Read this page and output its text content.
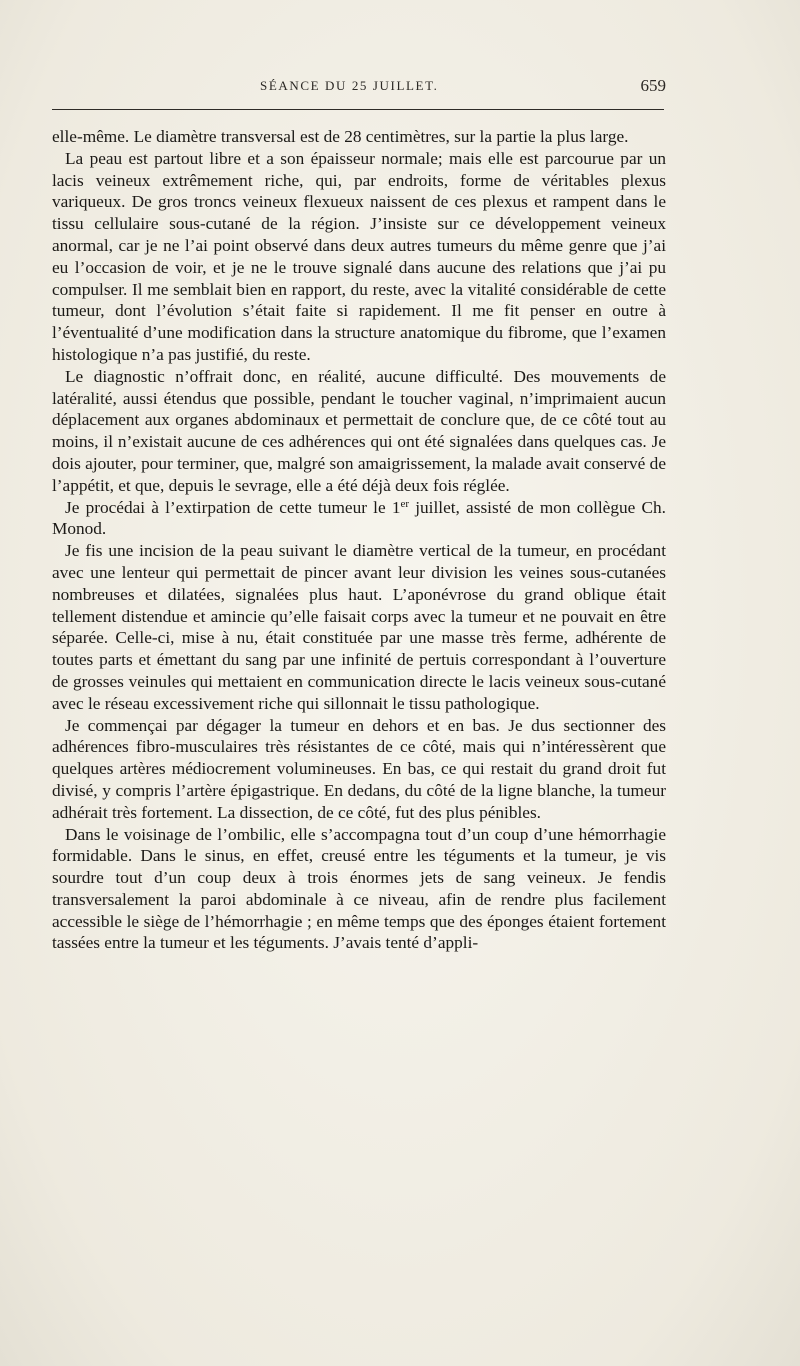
SÉANCE DU 25 JUILLET.	659

elle-même. Le diamètre transversal est de 28 centimètres, sur la partie la plus large.

La peau est partout libre et a son épaisseur normale; mais elle est parcourue par un lacis veineux extrêmement riche, qui, par endroits, forme de véritables plexus variqueux. De gros troncs veineux flexueux naissent de ces plexus et rampent dans le tissu cellulaire sous-cutané de la région. J’insiste sur ce développement veineux anormal, car je ne l’ai point observé dans deux autres tumeurs du même genre que j’ai eu l’occasion de voir, et je ne le trouve signalé dans aucune des relations que j’ai pu compulser. Il me semblait bien en rapport, du reste, avec la vitalité considérable de cette tumeur, dont l’évolution s’était faite si rapidement. Il me fit penser en outre à l’éventualité d’une modification dans la structure anatomique du fibrome, que l’examen histologique n’a pas justifié, du reste.

Le diagnostic n’offrait donc, en réalité, aucune difficulté. Des mouvements de latéralité, aussi étendus que possible, pendant le toucher vaginal, n’imprimaient aucun déplacement aux organes abdominaux et permettait de conclure que, de ce côté tout au moins, il n’existait aucune de ces adhérences qui ont été signalées dans quelques cas. Je dois ajouter, pour terminer, que, malgré son amaigrissement, la malade avait conservé de l’appétit, et que, depuis le sevrage, elle a été déjà deux fois réglée.

Je procédai à l’extirpation de cette tumeur le 1er juillet, assisté de mon collègue Ch. Monod.

Je fis une incision de la peau suivant le diamètre vertical de la tumeur, en procédant avec une lenteur qui permettait de pincer avant leur division les veines sous-cutanées nombreuses et dilatées, signalées plus haut. L’aponévrose du grand oblique était tellement distendue et amincie qu’elle faisait corps avec la tumeur et ne pouvait en être séparée. Celle-ci, mise à nu, était constituée par une masse très ferme, adhérente de toutes parts et émettant du sang par une infinité de pertuis correspondant à l’ouverture de grosses veinules qui mettaient en communication directe le lacis veineux sous-cutané avec le réseau excessivement riche qui sillonnait le tissu pathologique.

Je commençai par dégager la tumeur en dehors et en bas. Je dus sectionner des adhérences fibro-musculaires très résistantes de ce côté, mais qui n’intéressèrent que quelques artères médiocrement volumineuses. En bas, ce qui restait du grand droit fut divisé, y compris l’artère épigastrique. En dedans, du côté de la ligne blanche, la tumeur adhérait très fortement. La dissection, de ce côté, fut des plus pénibles.

Dans le voisinage de l’ombilic, elle s’accompagna tout d’un coup d’une hémorrhagie formidable. Dans le sinus, en effet, creusé entre les téguments et la tumeur, je vis sourdre tout d’un coup deux à trois énormes jets de sang veineux. Je fendis transversalement la paroi abdominale à ce niveau, afin de rendre plus facilement accessible le siège de l’hémorrhagie ; en même temps que des éponges étaient fortement tassées entre la tumeur et les téguments. J’avais tenté d’appli-
